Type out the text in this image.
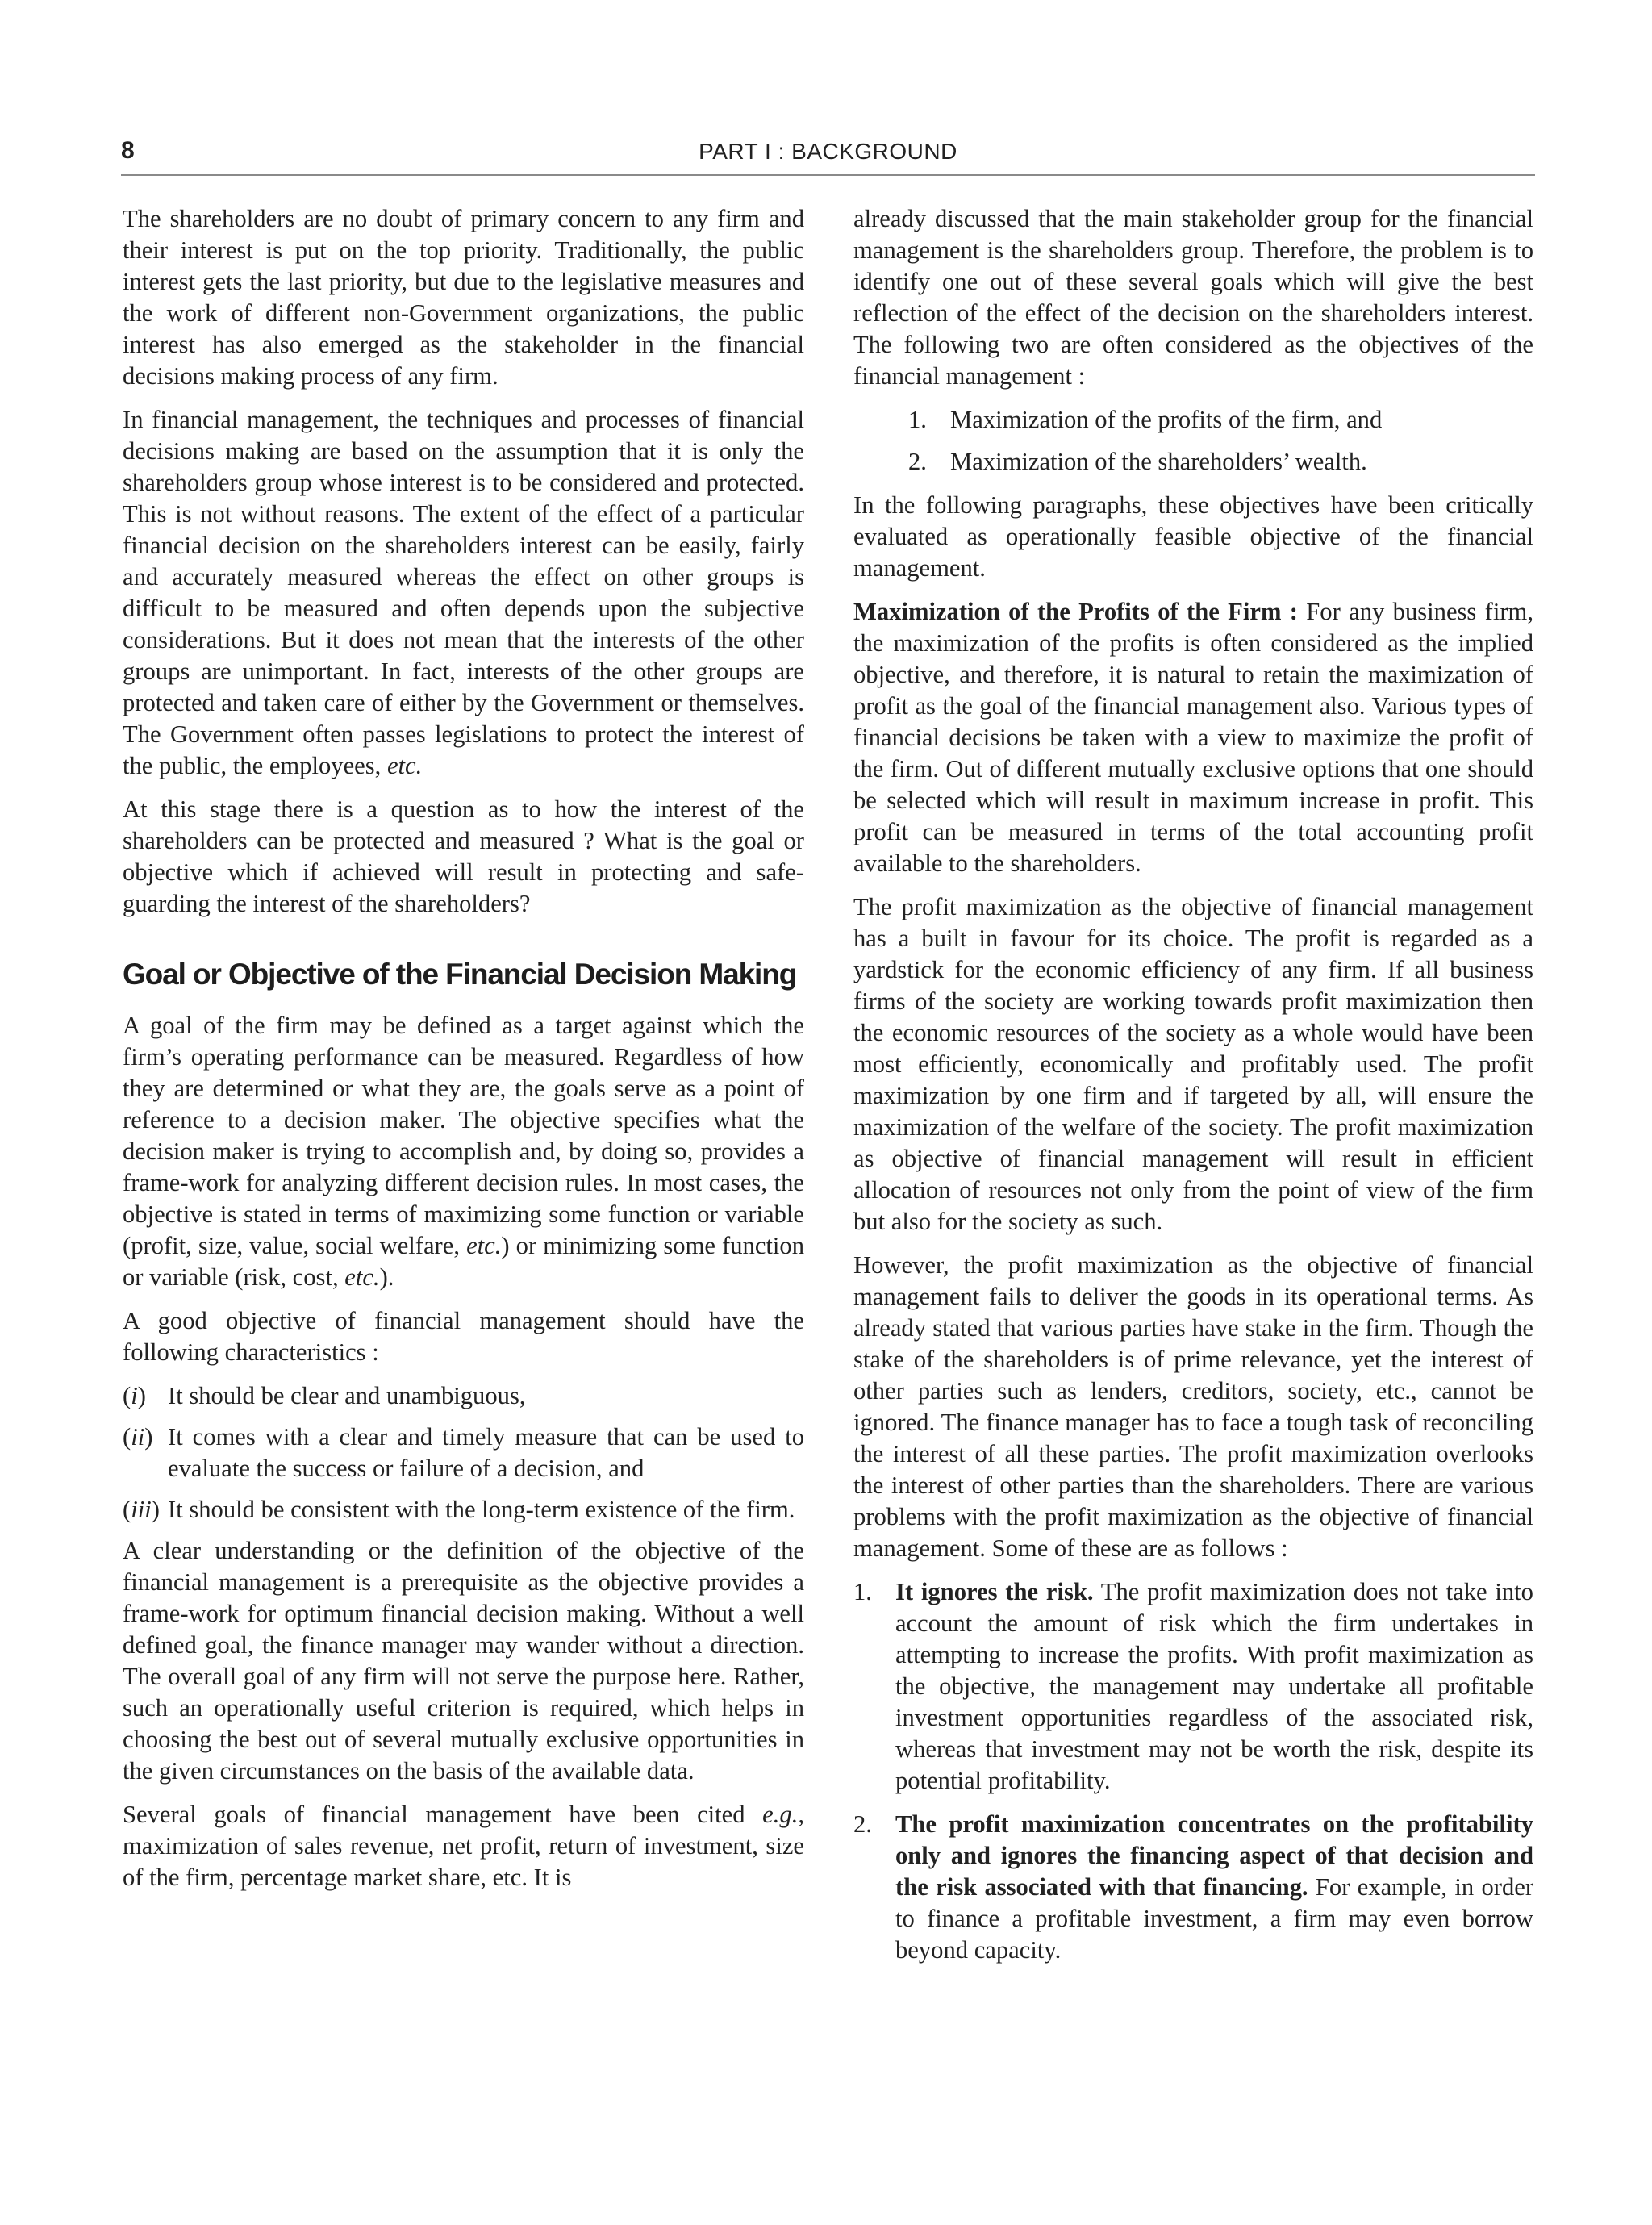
8	PART I : BACKGROUND

The shareholders are no doubt of primary concern to any firm and their interest is put on the top priority. Traditionally, the public interest gets the last priority, but due to the legislative measures and the work of different non-Government organizations, the public interest has also emerged as the stakeholder in the financial decisions making process of any firm.

In financial management, the techniques and processes of financial decisions making are based on the assumption that it is only the shareholders group whose interest is to be considered and protected. This is not without reasons. The extent of the effect of a particular financial decision on the shareholders interest can be easily, fairly and accurately measured whereas the effect on other groups is difficult to be measured and often depends upon the subjective considerations. But it does not mean that the interests of the other groups are unimportant. In fact, interests of the other groups are protected and taken care of either by the Government or themselves. The Government often passes legislations to protect the interest of the public, the employees, etc.

At this stage there is a question as to how the interest of the shareholders can be protected and measured ? What is the goal or objective which if achieved will result in protecting and safe-guarding the interest of the shareholders?

Goal or Objective of the Financial Decision Making

A goal of the firm may be defined as a target against which the firm’s operating performance can be measured. Regardless of how they are determined or what they are, the goals serve as a point of reference to a decision maker. The objective specifies what the decision maker is trying to accomplish and, by doing so, provides a frame-work for analyzing different decision rules. In most cases, the objective is stated in terms of maximizing some function or variable (profit, size, value, social welfare, etc.) or minimizing some function or variable (risk, cost, etc.).

A good objective of financial management should have the following characteristics :

(i) It should be clear and unambiguous,
(ii) It comes with a clear and timely measure that can be used to evaluate the success or failure of a decision, and
(iii) It should be consistent with the long-term existence of the firm.

A clear understanding or the definition of the objective of the financial management is a prerequisite as the objective provides a frame-work for optimum financial decision making. Without a well defined goal, the finance manager may wander without a direction. The overall goal of any firm will not serve the purpose here. Rather, such an operationally useful criterion is required, which helps in choosing the best out of several mutually exclusive opportunities in the given circumstances on the basis of the available data.

Several goals of financial management have been cited e.g., maximization of sales revenue, net profit, return of investment, size of the firm, percentage market share, etc. It is

already discussed that the main stakeholder group for the financial management is the shareholders group. Therefore, the problem is to identify one out of these several goals which will give the best reflection of the effect of the decision on the shareholders interest. The following two are often considered as the objectives of the financial management :

1. Maximization of the profits of the firm, and
2. Maximization of the shareholders’ wealth.

In the following paragraphs, these objectives have been critically evaluated as operationally feasible objective of the financial management.

Maximization of the Profits of the Firm : For any business firm, the maximization of the profits is often considered as the implied objective, and therefore, it is natural to retain the maximization of profit as the goal of the financial management also. Various types of financial decisions be taken with a view to maximize the profit of the firm. Out of different mutually exclusive options that one should be selected which will result in maximum increase in profit. This profit can be measured in terms of the total accounting profit available to the shareholders.

The profit maximization as the objective of financial management has a built in favour for its choice. The profit is regarded as a yardstick for the economic efficiency of any firm. If all business firms of the society are working towards profit maximization then the economic resources of the society as a whole would have been most efficiently, economically and profitably used. The profit maximization by one firm and if targeted by all, will ensure the maximization of the welfare of the society. The profit maximization as objective of financial management will result in efficient allocation of resources not only from the point of view of the firm but also for the society as such.

However, the profit maximization as the objective of financial management fails to deliver the goods in its operational terms. As already stated that various parties have stake in the firm. Though the stake of the shareholders is of prime relevance, yet the interest of other parties such as lenders, creditors, society, etc., cannot be ignored. The finance manager has to face a tough task of reconciling the interest of all these parties. The profit maximization overlooks the interest of other parties than the shareholders. There are various problems with the profit maximization as the objective of financial management. Some of these are as follows :

1. It ignores the risk. The profit maximization does not take into account the amount of risk which the firm undertakes in attempting to increase the profits. With profit maximization as the objective, the management may undertake all profitable investment opportunities regardless of the associated risk, whereas that investment may not be worth the risk, despite its potential profitability.
2. The profit maximization concentrates on the profitability only and ignores the financing aspect of that decision and the risk associated with that financing. For example, in order to finance a profitable investment, a firm may even borrow beyond capacity.
